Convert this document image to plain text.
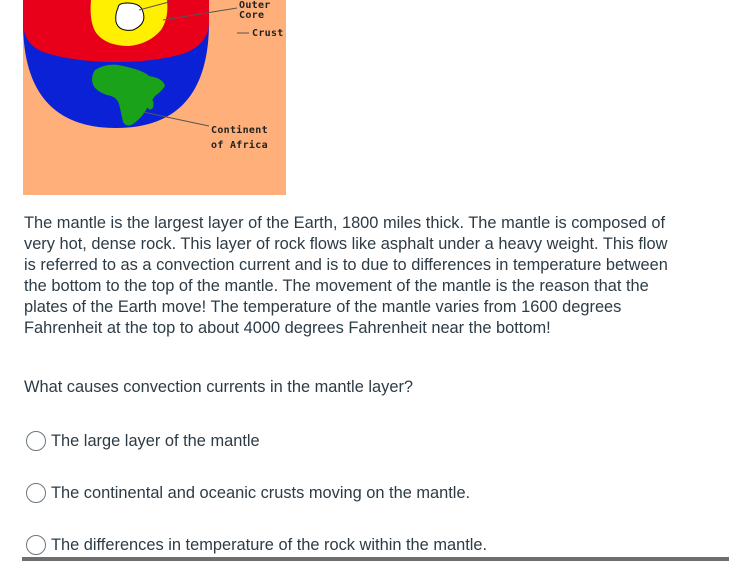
Outer
Core
Crust
Continent
of Africa

The mantle is the largest layer of the Earth, 1800 miles thick. The mantle is composed of very hot, dense rock. This layer of rock flows like asphalt under a heavy weight. This flow is referred to as a convection current and is to due to differences in temperature between the bottom to the top of the mantle. The movement of the mantle is the reason that the plates of the Earth move! The temperature of the mantle varies from 1600 degrees Fahrenheit at the top to about 4000 degrees Fahrenheit near the bottom!

What causes convection currents in the mantle layer?

The large layer of the mantle
The continental and oceanic crusts moving on the mantle.
The differences in temperature of the rock within the mantle.
